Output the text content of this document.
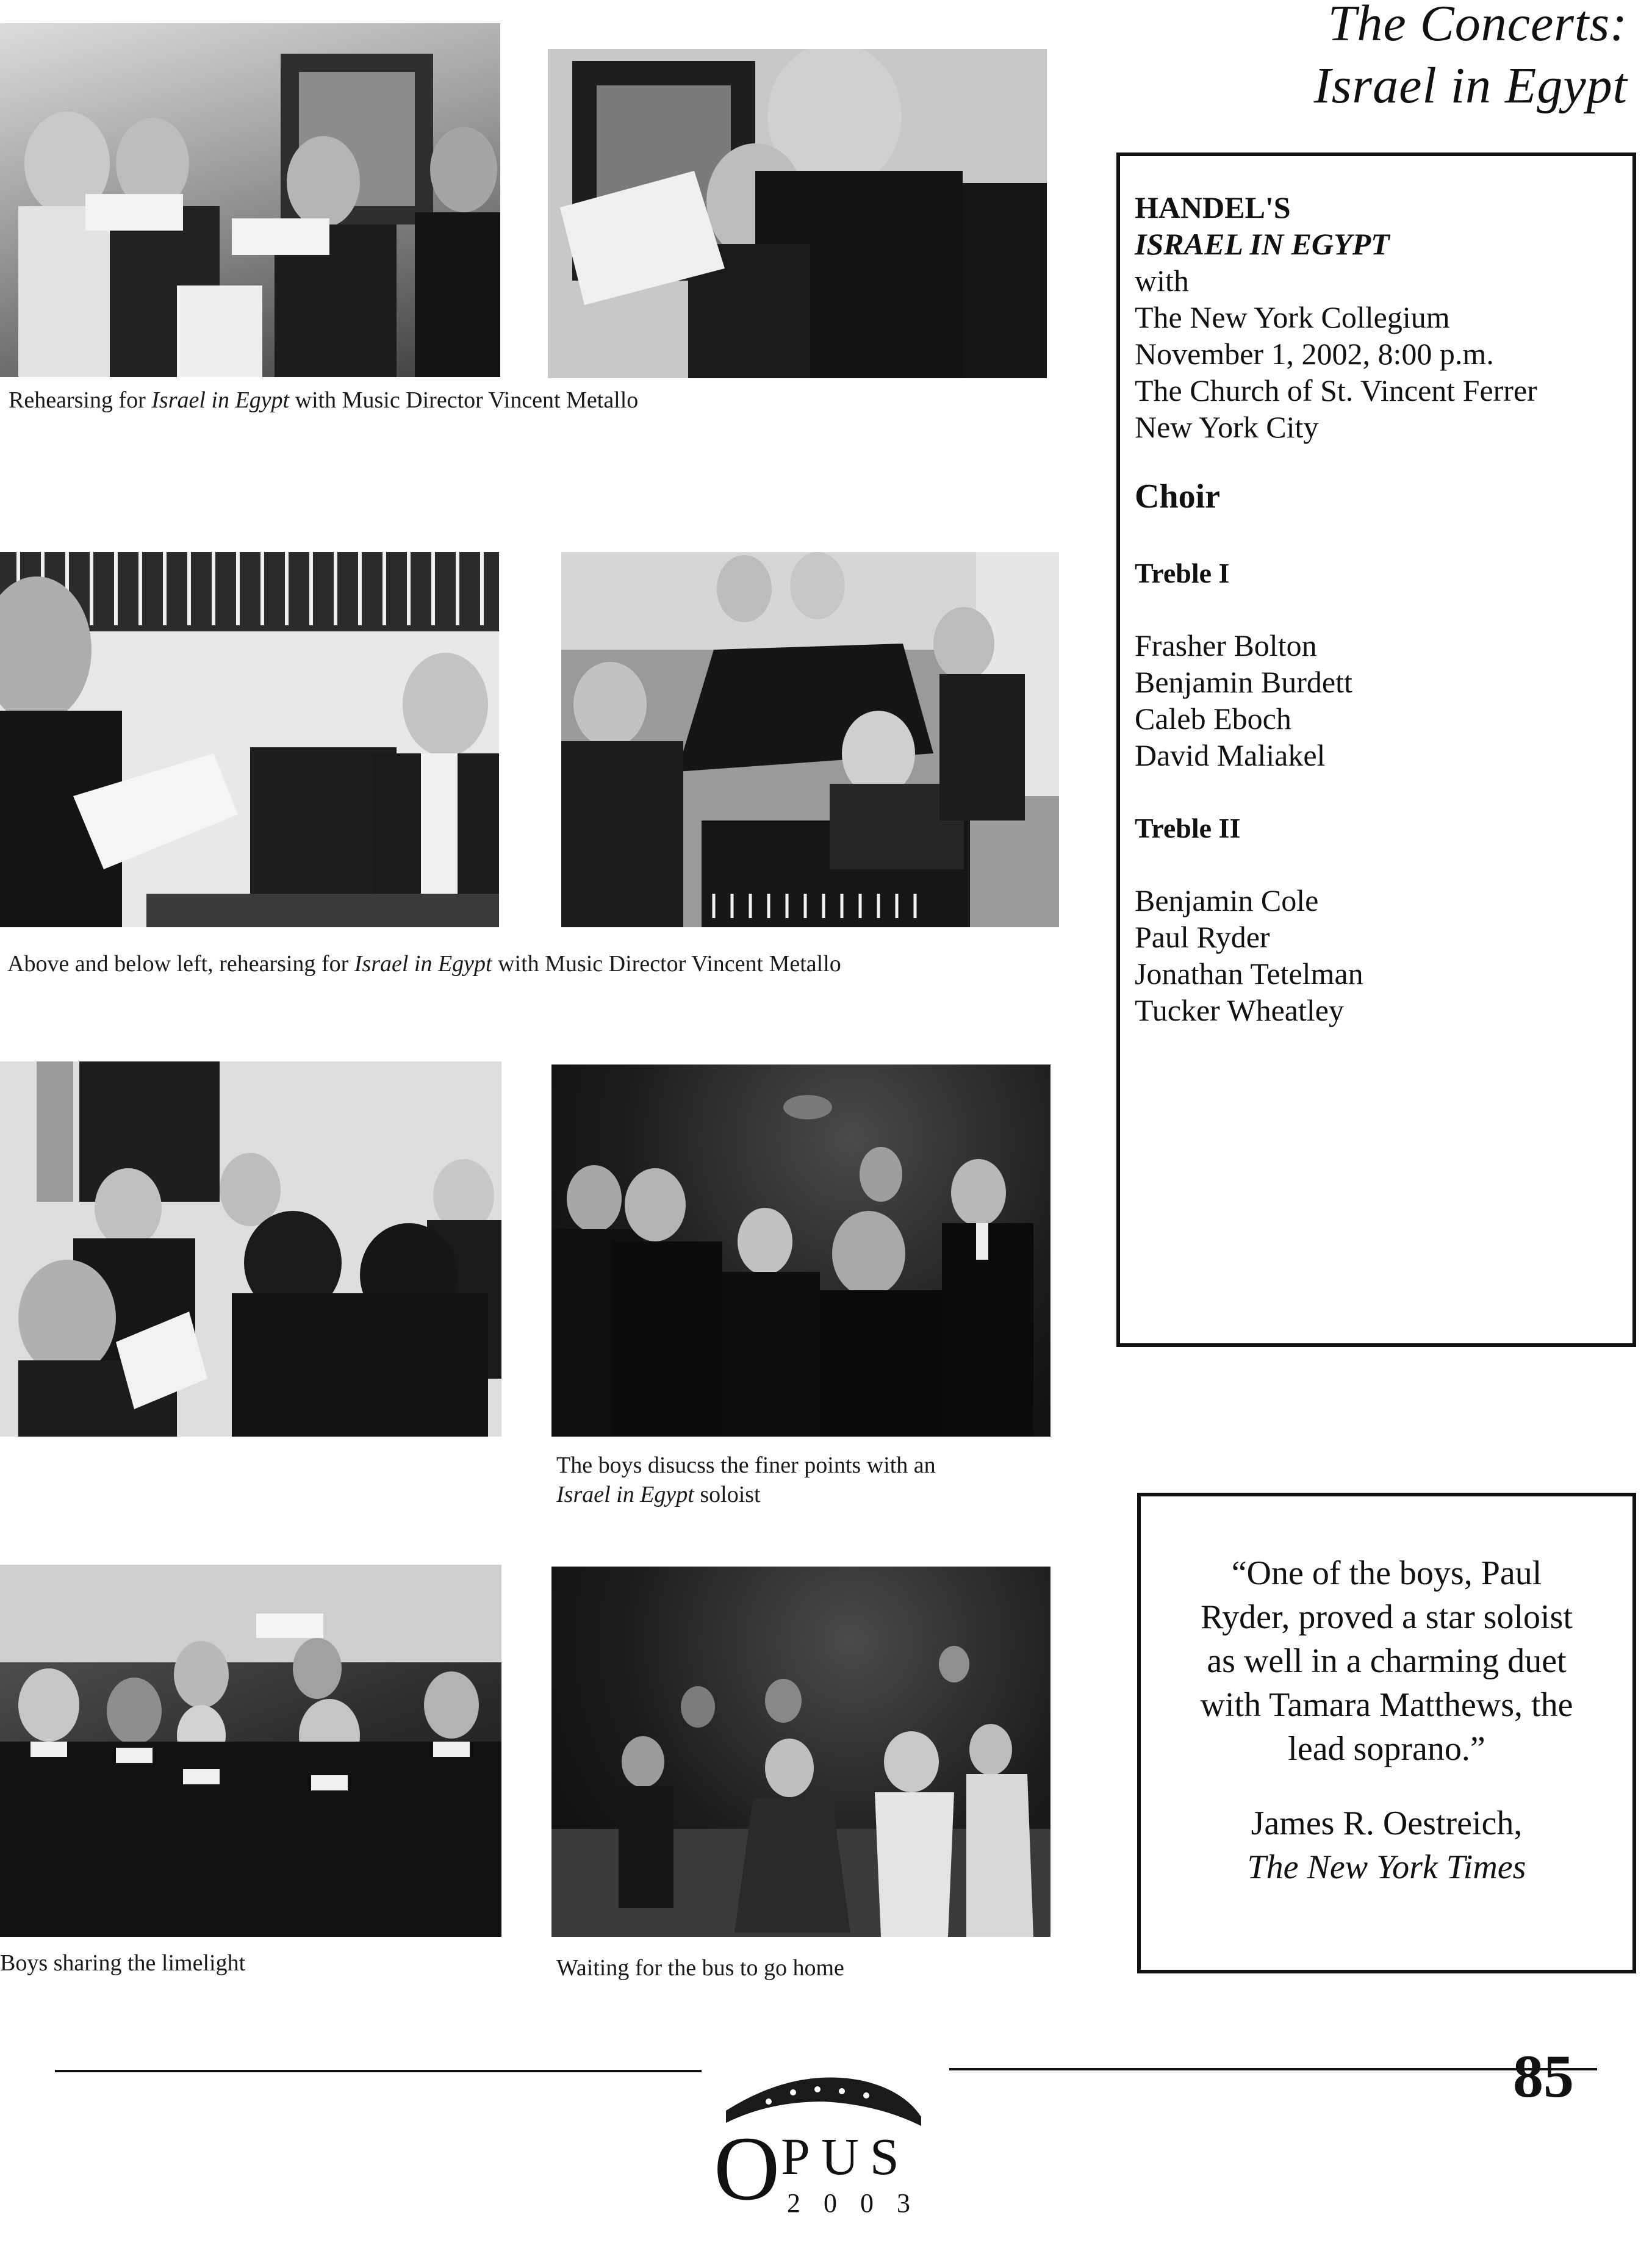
The Concerts:
Israel in Egypt
Rehearsing for Israel in Egypt with Music Director Vincent Metallo
HANDEL'S
ISRAEL IN EGYPT
with
The New York Collegium
November 1, 2002, 8:00 p.m.
The Church of St. Vincent Ferrer
New York City
Choir
Treble I
Frasher Bolton
Benjamin Burdett
Caleb Eboch
David Maliakel
Treble II
Benjamin Cole
Paul Ryder
Jonathan Tetelman
Tucker Wheatley
Above and below left, rehearsing for Israel in Egypt with Music Director Vincent Metallo
The boys disucss the finer points with an
Israel in Egypt soloist
“One of the boys, Paul
Ryder, proved a star soloist
as well in a charming duet
with Tamara Matthews, the
lead soprano.”
James R. Oestreich,
The New York Times
Boys sharing the limelight	Waiting for the bus to go home
O PUS
2003
85
